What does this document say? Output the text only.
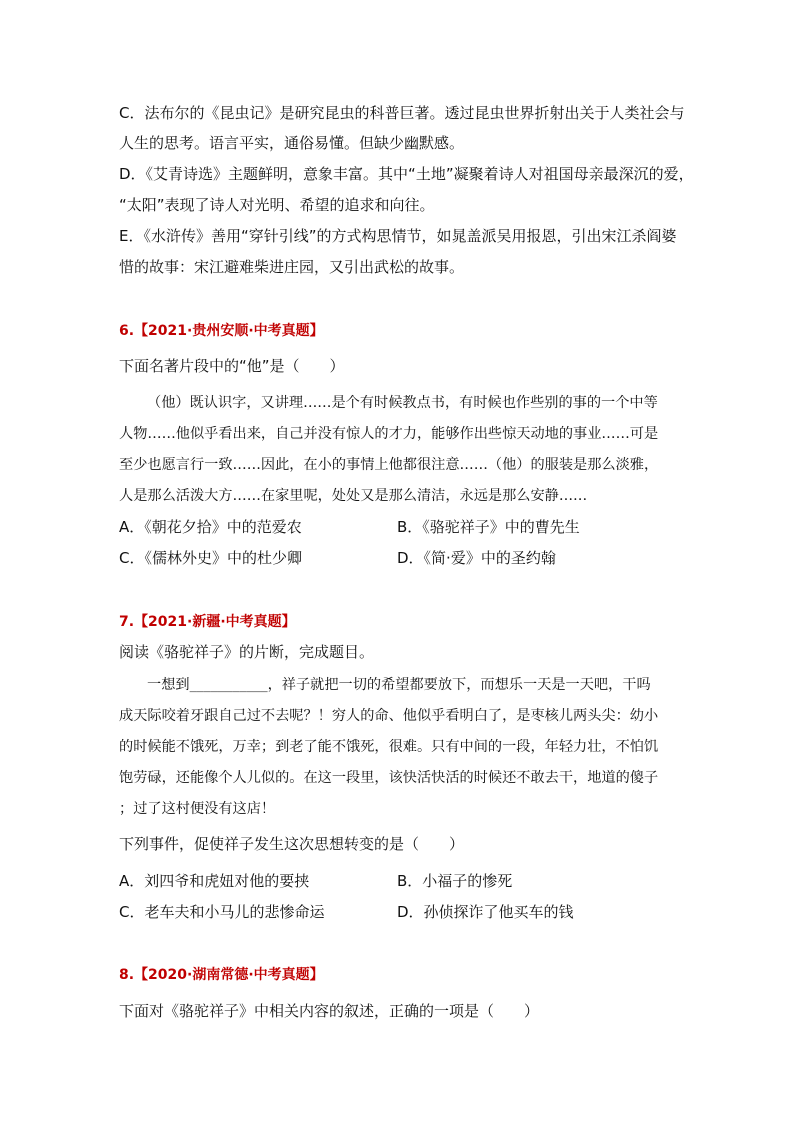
C．法布尔的《昆虫记》是研究昆虫的科普巨著。透过昆虫世界折射出关于人类社会与
人生的思考。语言平实，通俗易懂。但缺少幽默感。
D．《艾青诗选》主题鲜明，意象丰富。其中“土地”凝聚着诗人对祖国母亲最深沉的爱，
“太阳”表现了诗人对光明、希望的追求和向往。
E．《水浒传》善用“穿针引线”的方式构思情节，如晁盖派吴用报恩，引出宋江杀阎婆
惜的故事：宋江避难柴进庄园，又引出武松的故事。
6.【2021·贵州安顺·中考真题】
下面名著片段中的“他”是（　　）
（他）既认识字，又讲理……是个有时候教点书，有时候也作些别的事的一个中等
人物……他似乎看出来，自己并没有惊人的才力，能够作出些惊天动地的事业……可是
至少也愿言行一致……因此，在小的事情上他都很注意……（他）的服装是那么淡雅，
人是那么活泼大方……在家里呢，处处又是那么清洁，永远是那么安静……
A．《朝花夕拾》中的范爱农	B．《骆驼祥子》中的曹先生
C．《儒林外史》中的杜少卿	D．《简·爱》中的圣约翰
7.【2021·新疆·中考真题】
阅读《骆驼祥子》的片断，完成题目。
一想到___________，祥子就把一切的希望都要放下，而想乐一天是一天吧，干吗
成天际咬着牙跟自己过不去呢？！穷人的命、他似乎看明白了，是枣核儿两头尖：幼小
的时候能不饿死，万幸；到老了能不饿死，很难。只有中间的一段，年轻力壮，不怕饥
饱劳碌，还能像个人儿似的。在这一段里，该快活快活的时候还不敢去干，地道的傻子
；过了这村便没有这店！
下列事件，促使祥子发生这次思想转变的是（　　）
A．刘四爷和虎妞对他的要挟	B．小福子的惨死
C．老车夫和小马儿的悲惨命运	D．孙侦探诈了他买车的钱
8.【2020·湖南常德·中考真题】
下面对《骆驼祥子》中相关内容的叙述，正确的一项是（　　）
